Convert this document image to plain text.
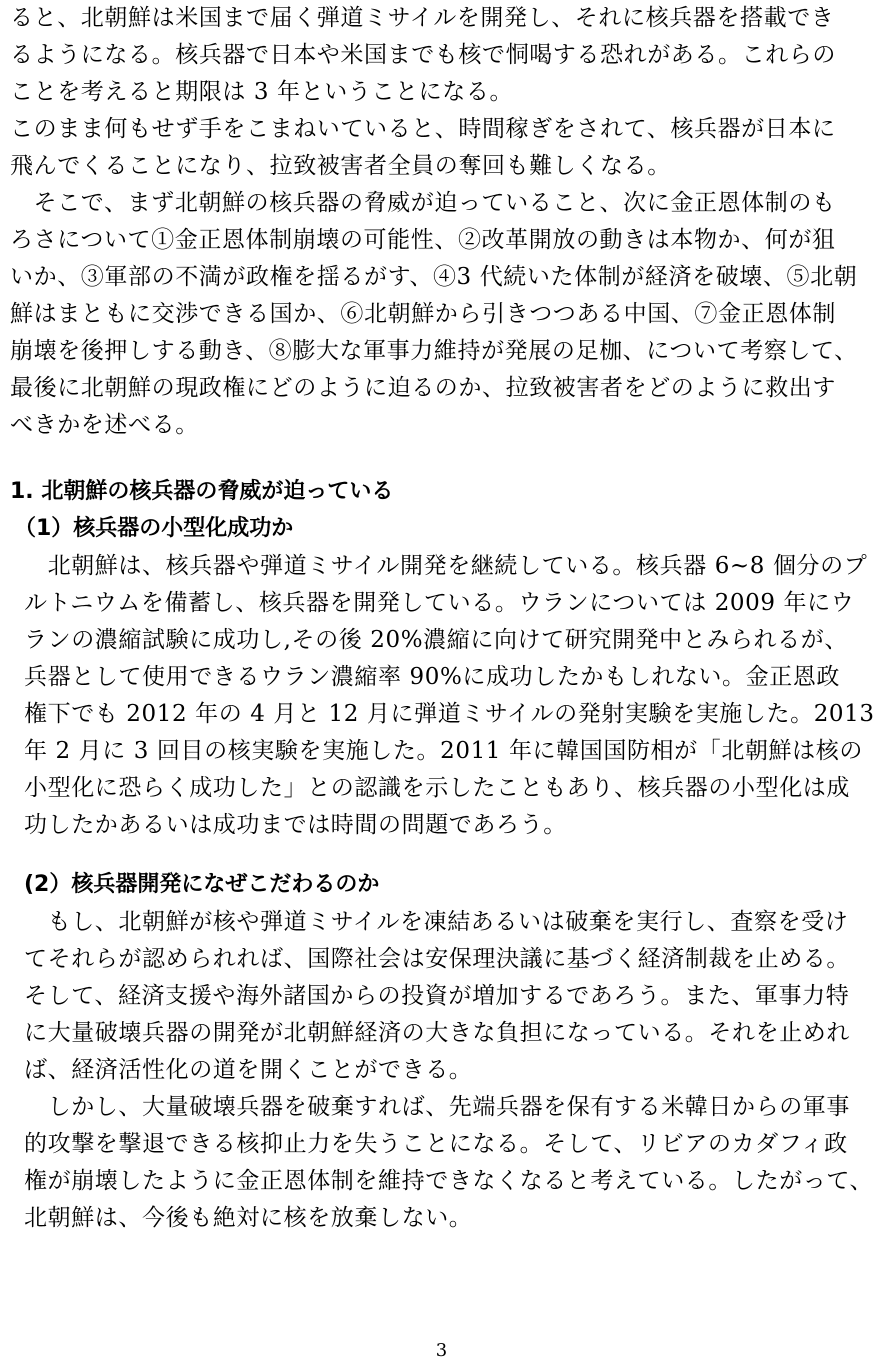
ると、北朝鮮は米国まで届く弾道ミサイルを開発し、それに核兵器を搭載でき
るようになる。核兵器で日本や米国までも核で恫喝する恐れがある。これらの
ことを考えると期限は 3 年ということになる。
このまま何もせず手をこまねいていると、時間稼ぎをされて、核兵器が日本に
飛んでくることになり、拉致被害者全員の奪回も難しくなる。
　そこで、まず北朝鮮の核兵器の脅威が迫っていること、次に金正恩体制のも
ろさについて①金正恩体制崩壊の可能性、②改革開放の動きは本物か、何が狙
いか、③軍部の不満が政権を揺るがす、④3 代続いた体制が経済を破壊、⑤北朝
鮮はまともに交渉できる国か、⑥北朝鮮から引きつつある中国、⑦金正恩体制
崩壊を後押しする動き、⑧膨大な軍事力維持が発展の足枷、について考察して、
最後に北朝鮮の現政権にどのように迫るのか、拉致被害者をどのように救出す
べきかを述べる。
1. 北朝鮮の核兵器の脅威が迫っている
（1）核兵器の小型化成功か
　北朝鮮は、核兵器や弾道ミサイル開発を継続している。核兵器 6~8 個分のプ
ルトニウムを備蓄し、核兵器を開発している。ウランについては 2009 年にウ
ランの濃縮試験に成功し,その後 20%濃縮に向けて研究開発中とみられるが、
兵器として使用できるウラン濃縮率 90%に成功したかもしれない。金正恩政
権下でも 2012 年の 4 月と 12 月に弾道ミサイルの発射実験を実施した。2013
年 2 月に 3 回目の核実験を実施した。2011 年に韓国国防相が「北朝鮮は核の
小型化に恐らく成功した」との認識を示したこともあり、核兵器の小型化は成
功したかあるいは成功までは時間の問題であろう。
(2）核兵器開発になぜこだわるのか
　もし、北朝鮮が核や弾道ミサイルを凍結あるいは破棄を実行し、査察を受け
てそれらが認められれば、国際社会は安保理決議に基づく経済制裁を止める。
そして、経済支援や海外諸国からの投資が増加するであろう。また、軍事力特
に大量破壊兵器の開発が北朝鮮経済の大きな負担になっている。それを止めれ
ば、経済活性化の道を開くことができる。
　しかし、大量破壊兵器を破棄すれば、先端兵器を保有する米韓日からの軍事
的攻撃を撃退できる核抑止力を失うことになる。そして、リビアのカダフィ政
権が崩壊したように金正恩体制を維持できなくなると考えている。したがって、
北朝鮮は、今後も絶対に核を放棄しない。
3
